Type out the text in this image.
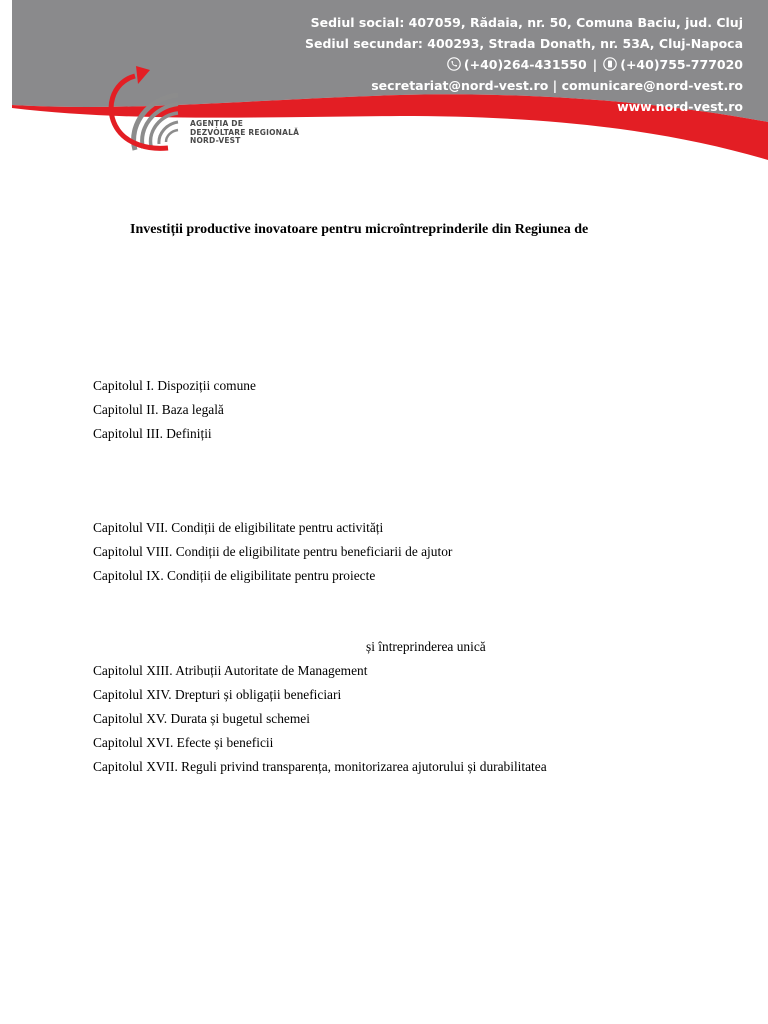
Sediul social: 407059, Rădaia, nr. 50, Comuna Baciu, jud. Cluj
Sediul secundar: 400293, Strada Donath, nr. 53A, Cluj-Napoca
(+40)264-431550 | (+40)755-777020
secretariat@nord-vest.ro | comunicare@nord-vest.ro
www.nord-vest.ro
AGENȚIA DE
DEZVOLTARE REGIONALĂ
NORD-VEST
Investiții productive inovatoare pentru microîntreprinderile din Regiunea de
Capitolul I. Dispoziții comune
Capitolul II. Baza legală
Capitolul III. Definiții
Capitolul VII. Condiții de eligibilitate pentru activități
Capitolul VIII. Condiții de eligibilitate pentru beneficiarii de ajutor
Capitolul IX. Condiții de eligibilitate pentru proiecte
și întreprinderea unică
Capitolul XIII. Atribuții Autoritate de Management
Capitolul XIV. Drepturi și obligații beneficiari
Capitolul XV. Durata și bugetul schemei
Capitolul XVI. Efecte și beneficii
Capitolul XVII. Reguli privind transparența, monitorizarea ajutorului și durabilitatea
